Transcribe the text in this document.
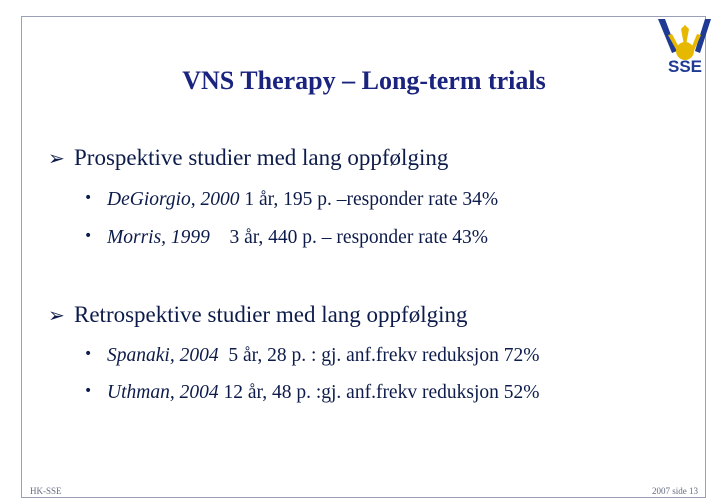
SSE
VNS Therapy – Long-term trials
➢ Prospektive studier med lang oppfølging
• DeGiorgio, 2000 1 år, 195 p. –responder rate 34%
• Morris, 1999    3 år, 440 p. – responder rate 43%
➢ Retrospektive studier med lang oppfølging
• Spanaki, 2004  5 år, 28 p. : gj. anf.frekv reduksjon 72%
• Uthman, 2004 12 år, 48 p. :gj. anf.frekv reduksjon 52%
HK-SSE	2007 side 13
